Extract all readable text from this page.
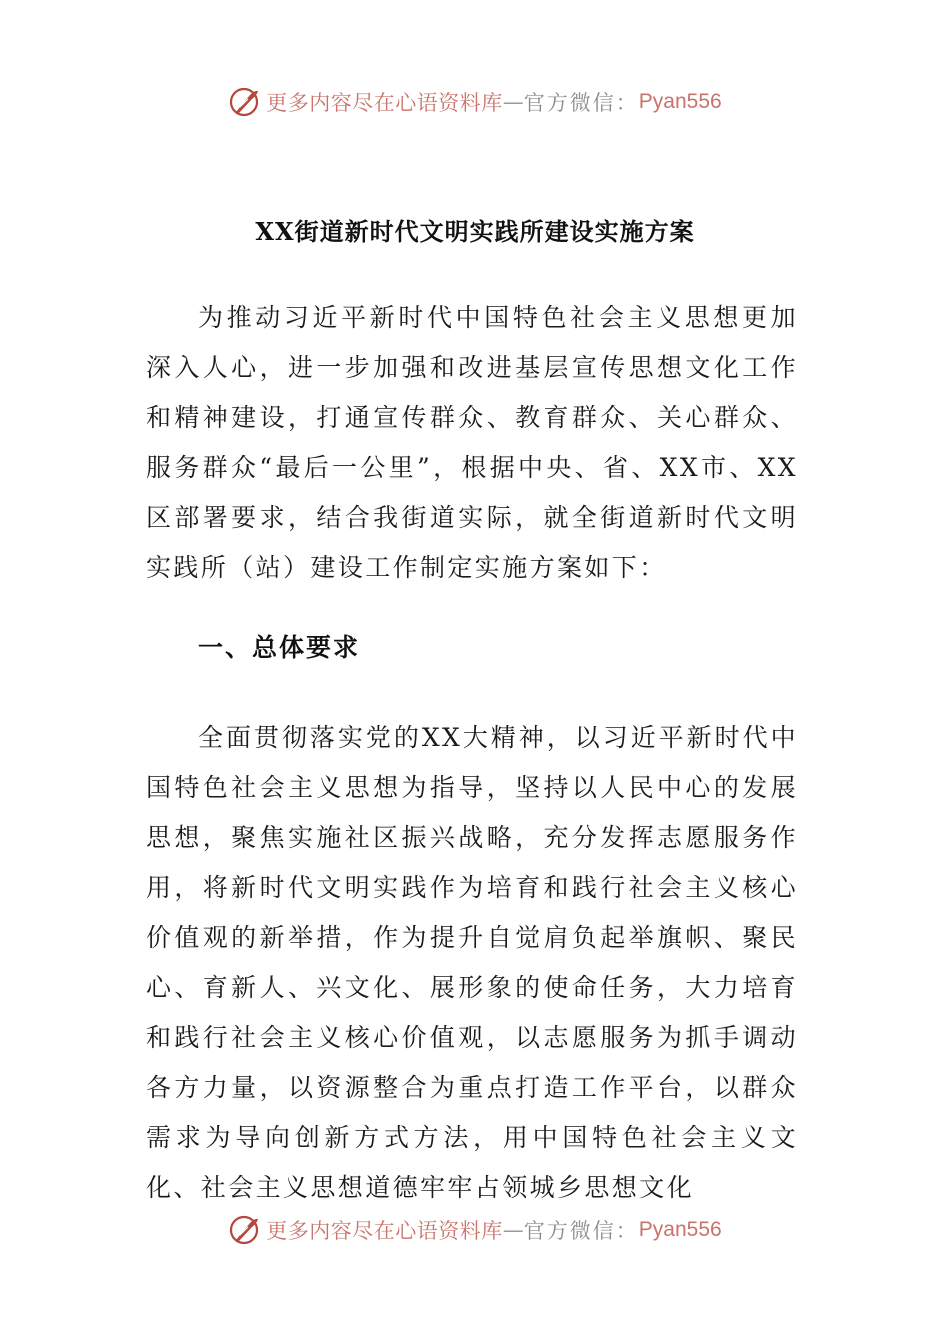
更多内容尽在心语资料库 — 官方微信： Pyan556
XX街道新时代文明实践所建设实施方案

为推动习近平新时代中国特色社会主义思想更加深入人心，进一步加强和改进基层宣传思想文化工作和精神建设，打通宣传群众、教育群众、关心群众、服务群众“最后一公里”，根据中央、省、XX市、XX区部署要求，结合我街道实际，就全街道新时代文明实践所（站）建设工作制定实施方案如下：

一、总体要求

全面贯彻落实党的XX大精神，以习近平新时代中国特色社会主义思想为指导，坚持以人民中心的发展思想，聚焦实施社区振兴战略，充分发挥志愿服务作用，将新时代文明实践作为培育和践行社会主义核心价值观的新举措，作为提升自觉肩负起举旗帜、聚民心、育新人、兴文化、展形象的使命任务，大力培育和践行社会主义核心价值观，以志愿服务为抓手调动各方力量，以资源整合为重点打造工作平台，以群众需求为导向创新方式方法，用中国特色社会主义文化、社会主义思想道德牢牢占领城乡思想文化

更多内容尽在心语资料库 — 官方微信： Pyan556
